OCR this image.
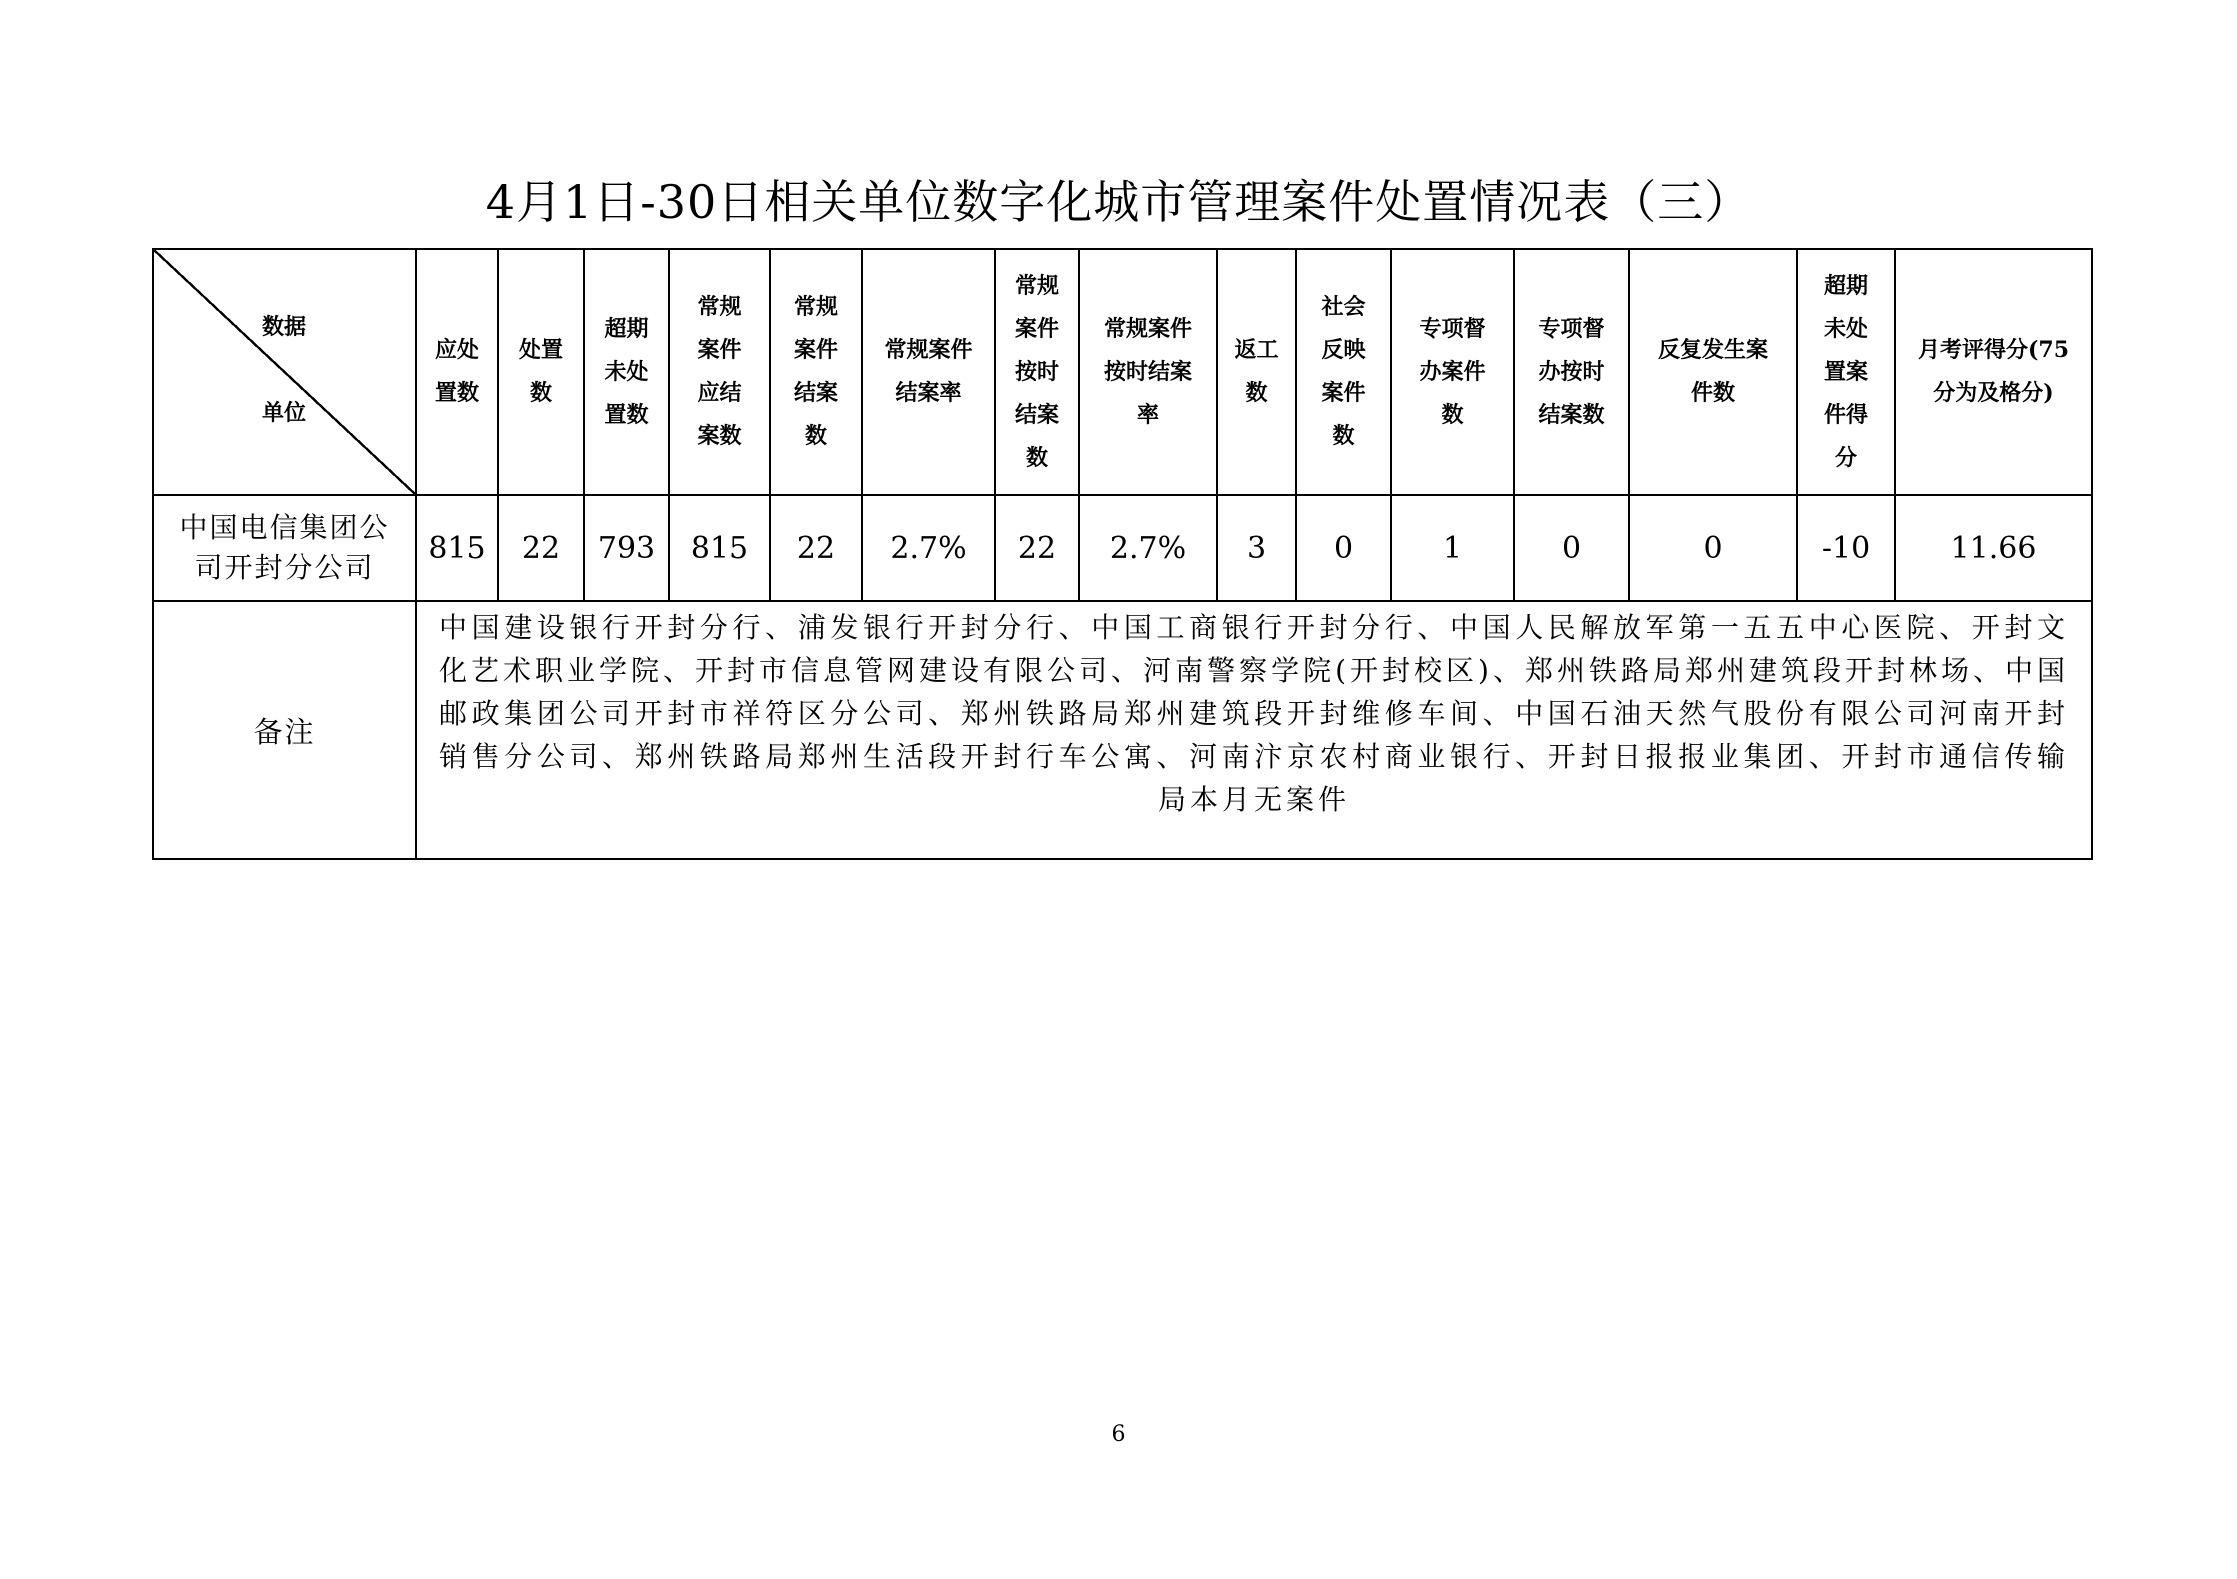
4月1日-30日相关单位数字化城市管理案件处置情况表（三）
数据
单位	应处置数	处置数	超期未处置数	常规案件应结案数	常规案件结案数	常规案件结案率	常规案件按时结案数	常规案件按时结案率	返工数	社会反映案件数	专项督办案件数	专项督办按时结案数	反复发生案件数	超期未处置案件得分	月考评得分(75分为及格分)
中国电信集团公司开封分公司	815	22	793	815	22	2.7%	22	2.7%	3	0	1	0	0	-10	11.66
备注	中国建设银行开封分行、浦发银行开封分行、中国工商银行开封分行、中国人民解放军第一五五中心医院、开封文化艺术职业学院、开封市信息管网建设有限公司、河南警察学院(开封校区)、郑州铁路局郑州建筑段开封林场、中国邮政集团公司开封市祥符区分公司、郑州铁路局郑州建筑段开封维修车间、中国石油天然气股份有限公司河南开封销售分公司、郑州铁路局郑州生活段开封行车公寓、河南汴京农村商业银行、开封日报报业集团、开封市通信传输局本月无案件														
6
